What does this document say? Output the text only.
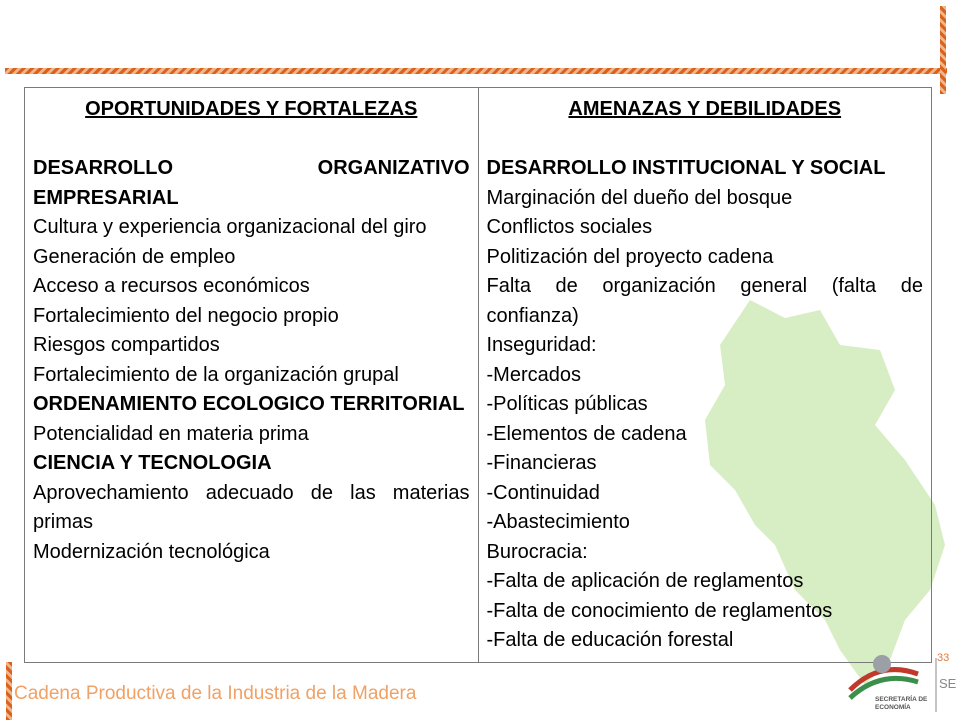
OPORTUNIDADES Y FORTALEZAS
DESARROLLO ORGANIZATIVO EMPRESARIAL
Cultura y experiencia organizacional del giro
Generación de empleo
Acceso a recursos económicos
Fortalecimiento del negocio propio
Riesgos compartidos
Fortalecimiento de la organización grupal
ORDENAMIENTO ECOLOGICO TERRITORIAL
Potencialidad en materia prima
CIENCIA Y TECNOLOGIA
Aprovechamiento adecuado de las materias primas
Modernización tecnológica

AMENAZAS Y DEBILIDADES
DESARROLLO INSTITUCIONAL Y SOCIAL
Marginación del dueño del bosque
Conflictos sociales
Politización del proyecto cadena
Falta de organización general (falta de confianza)
Inseguridad:
-Mercados
-Políticas públicas
-Elementos de cadena
-Financieras
-Continuidad
-Abastecimiento
Burocracia:
-Falta de aplicación de reglamentos
-Falta de conocimiento de reglamentos
-Falta de educación forestal
Cadena Productiva de la Industria de la Madera
33
SE
SECRETARÍA DE
ECONOMÍA
